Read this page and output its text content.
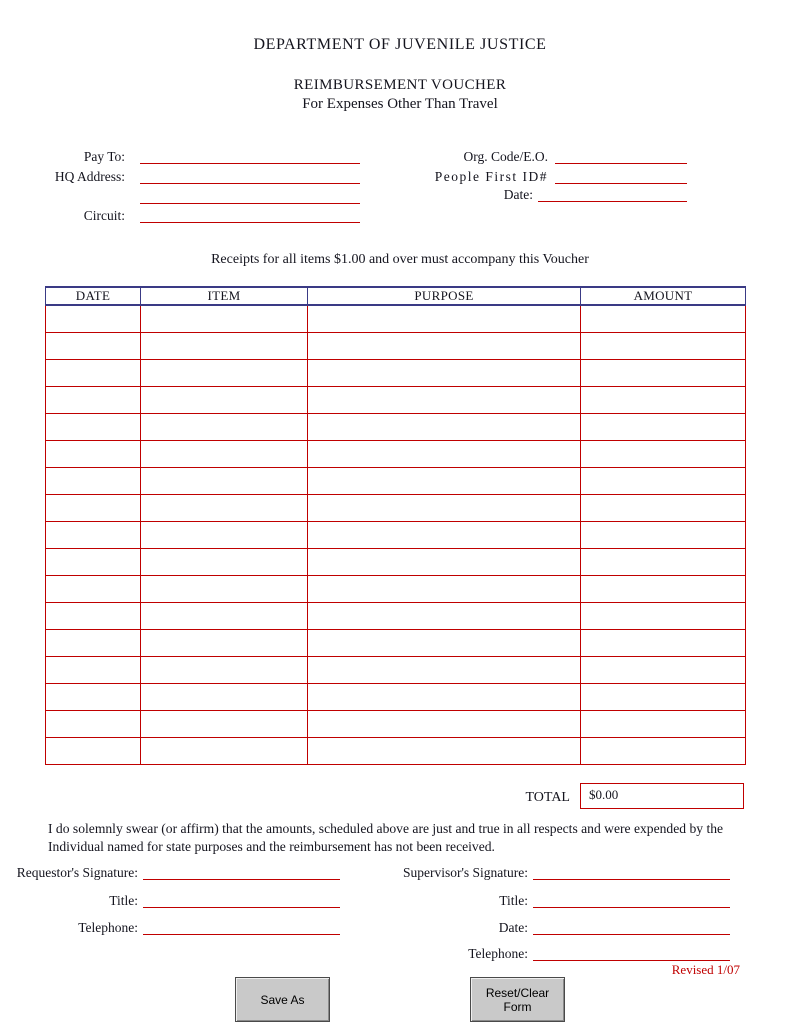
DEPARTMENT OF JUVENILE JUSTICE
REIMBURSEMENT VOUCHER
For Expenses Other Than Travel
Pay To:
HQ Address:
Circuit:
Org. Code/E.O.
People First ID#
Date:
Receipts for all items $1.00 and over must accompany this Voucher
DATE	ITEM	PURPOSE	AMOUNT

TOTAL	$0.00
I do solemnly swear (or affirm) that the amounts, scheduled above are just and true in all respects and were expended by the
Individual named for state purposes and the reimbursement has not been received.
Requestor's Signature:
Title:
Telephone:
Supervisor's Signature:
Title:
Date:
Telephone:
Revised 1/07
Save As	Reset/Clear Form
